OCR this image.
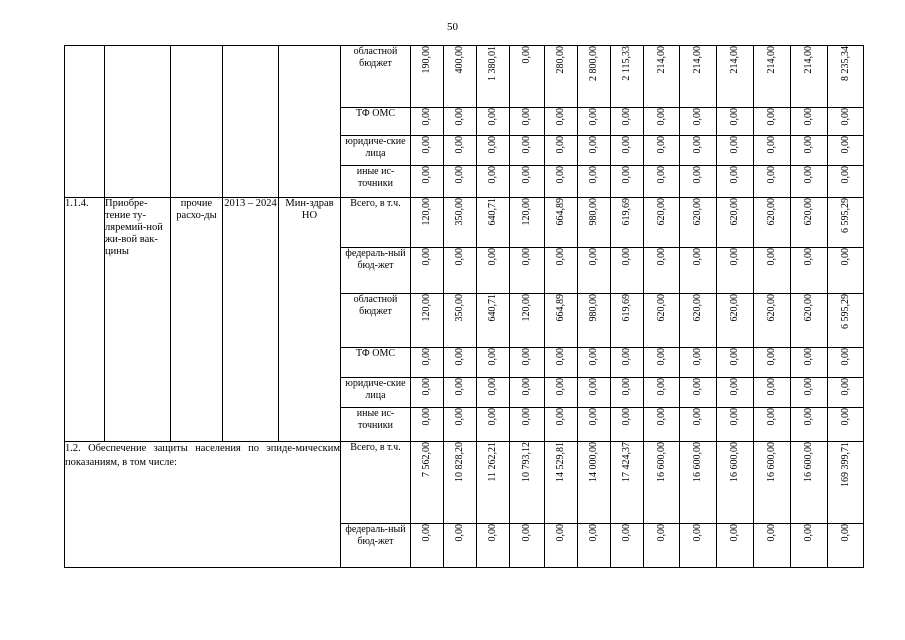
50
					областной бюджет	190,00	400,00	1 380,01	0,00	280,00	2 800,00	2 115,33	214,00	214,00	214,00	214,00	214,00	8 235,34
					ТФ ОМС	0,00	0,00	0,00	0,00	0,00	0,00	0,00	0,00	0,00	0,00	0,00	0,00	0,00
					юридиче-ские лица	0,00	0,00	0,00	0,00	0,00	0,00	0,00	0,00	0,00	0,00	0,00	0,00	0,00
					иные ис-точники	0,00	0,00	0,00	0,00	0,00	0,00	0,00	0,00	0,00	0,00	0,00	0,00	0,00
1.1.4.	Приобре-тение ту-ляремий-ной жи-вой вак-цины	прочие расхо-ды	2013 – 2024	Мин-здрав НО	Всего, в т.ч.	120,00	350,00	640,71	120,00	664,89	980,00	619,69	620,00	620,00	620,00	620,00	620,00	6 595,29
					федераль-ный бюд-жет	0,00	0,00	0,00	0,00	0,00	0,00	0,00	0,00	0,00	0,00	0,00	0,00	0,00
					областной бюджет	120,00	350,00	640,71	120,00	664,89	980,00	619,69	620,00	620,00	620,00	620,00	620,00	6 595,29
					ТФ ОМС	0,00	0,00	0,00	0,00	0,00	0,00	0,00	0,00	0,00	0,00	0,00	0,00	0,00
					юридиче-ские лица	0,00	0,00	0,00	0,00	0,00	0,00	0,00	0,00	0,00	0,00	0,00	0,00	0,00
					иные ис-точники	0,00	0,00	0,00	0,00	0,00	0,00	0,00	0,00	0,00	0,00	0,00	0,00	0,00
1.2. Обеспечение защиты населения по эпиде-мическим показаниям, в том числе:					Всего, в т.ч.	7 562,00	10 828,20	11 262,21	10 793,12	14 529,81	14 000,00	17 424,37	16 600,00	16 600,00	16 600,00	16 600,00	16 600,00	169 399,71
					федераль-ный бюд-жет	0,00	0,00	0,00	0,00	0,00	0,00	0,00	0,00	0,00	0,00	0,00	0,00	0,00
